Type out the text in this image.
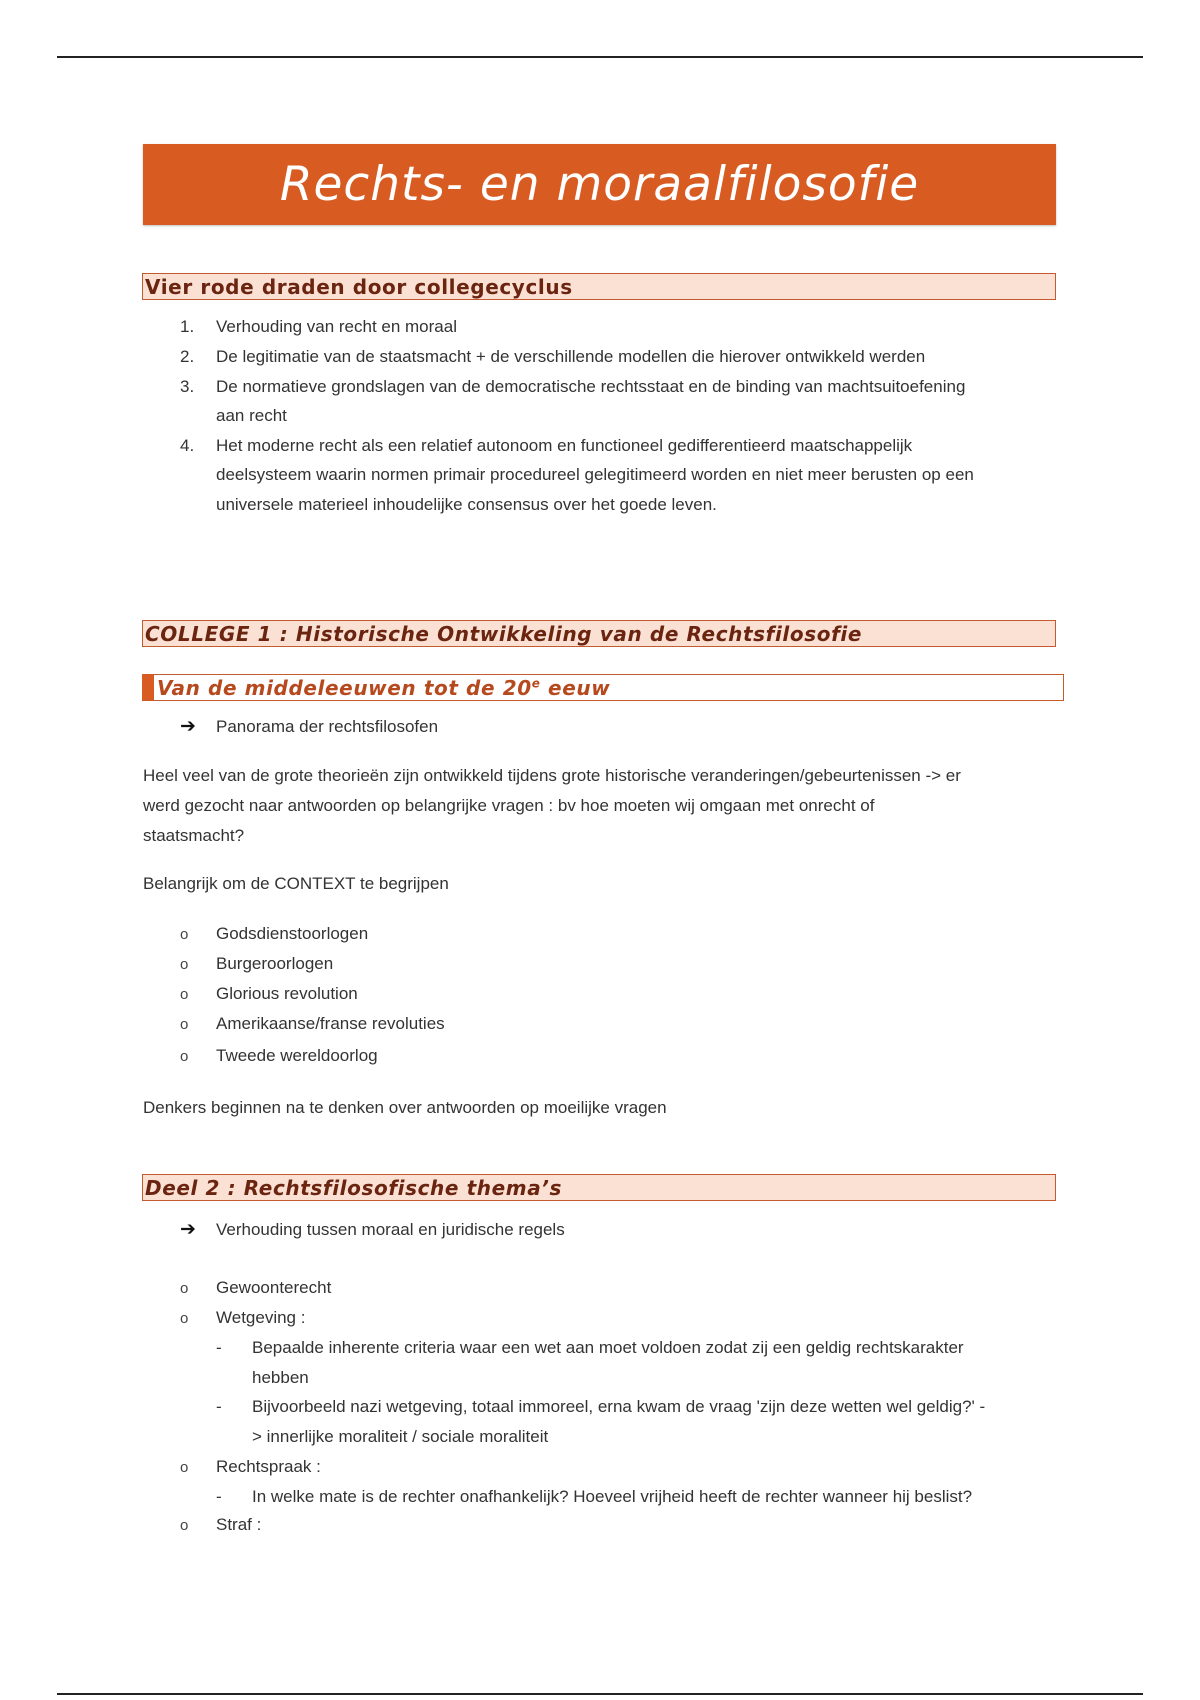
Rechts- en moraalfilosofie
Vier rode draden door collegecyclus
1. Verhouding van recht en moraal
2. De legitimatie van de staatsmacht + de verschillende modellen die hierover ontwikkeld werden
3. De normatieve grondslagen van de democratische rechtsstaat en de binding van machtsuitoefening
aan recht
4. Het moderne recht als een relatief autonoom en functioneel gedifferentieerd maatschappelijk
deelsysteem waarin normen primair procedureel gelegitimeerd worden en niet meer berusten op een
universele materieel inhoudelijke consensus over het goede leven.
COLLEGE 1 : Historische Ontwikkeling van de Rechtsfilosofie
Van de middeleeuwen tot de 20e eeuw
➔ Panorama der rechtsfilosofen
Heel veel van de grote theorieën zijn ontwikkeld tijdens grote historische veranderingen/gebeurtenissen -> er
werd gezocht naar antwoorden op belangrijke vragen : bv hoe moeten wij omgaan met onrecht of
staatsmacht?
Belangrijk om de CONTEXT te begrijpen
o Godsdienstoorlogen
o Burgeroorlogen
o Glorious revolution
o Amerikaanse/franse revoluties
o Tweede wereldoorlog
Denkers beginnen na te denken over antwoorden op moeilijke vragen
Deel 2 : Rechtsfilosofische thema’s
➔ Verhouding tussen moraal en juridische regels
o Gewoonterecht
o Wetgeving :
- Bepaalde inherente criteria waar een wet aan moet voldoen zodat zij een geldig rechtskarakter
hebben
- Bijvoorbeeld nazi wetgeving, totaal immoreel, erna kwam de vraag 'zijn deze wetten wel geldig?' -
> innerlijke moraliteit / sociale moraliteit
o Rechtspraak :
- In welke mate is de rechter onafhankelijk? Hoeveel vrijheid heeft de rechter wanneer hij beslist?
o Straf :
